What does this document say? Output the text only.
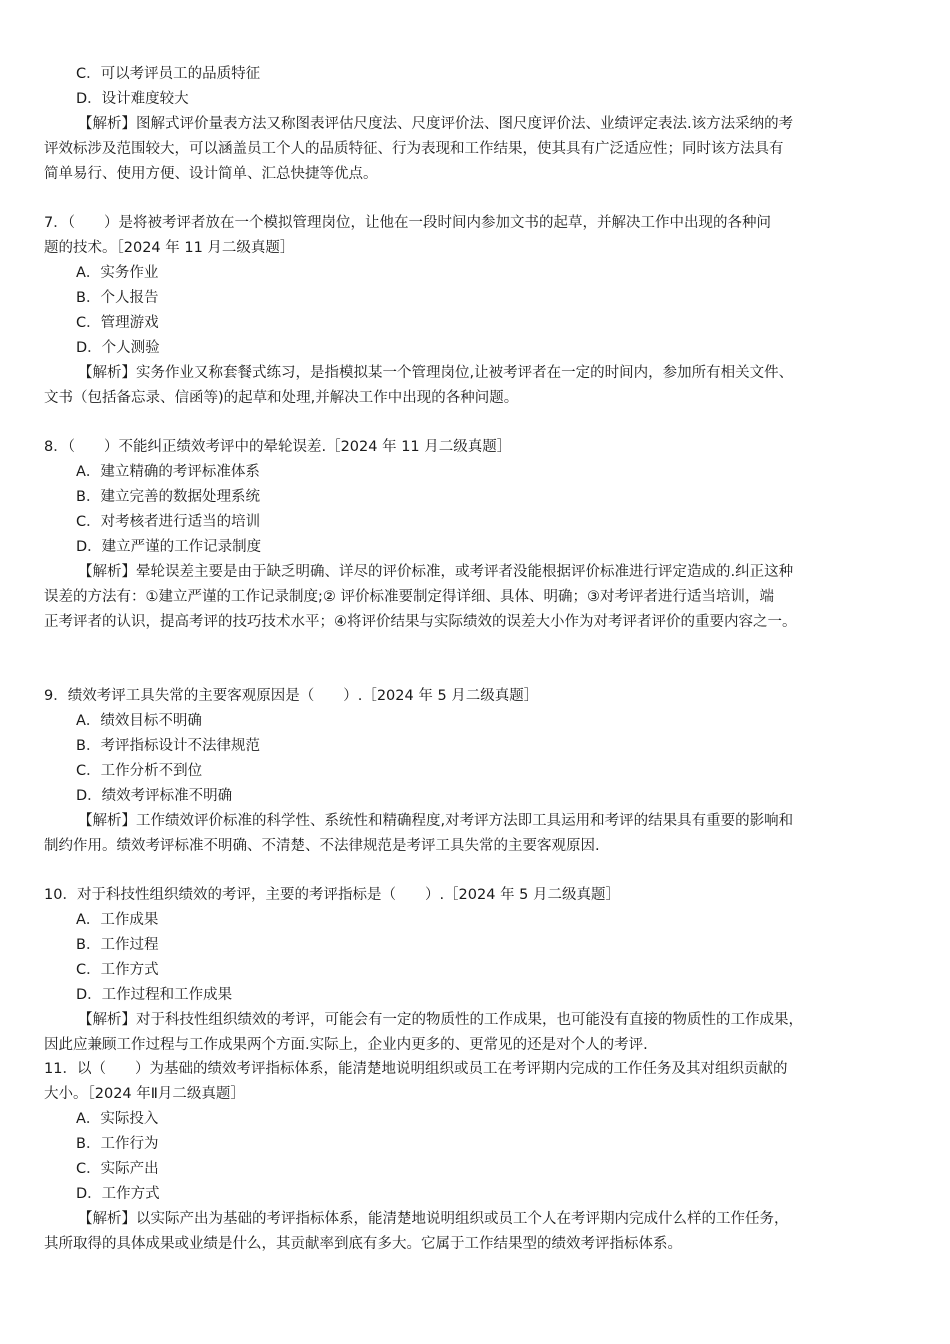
C．可以考评员工的品质特征
D．设计难度较大
【解析】图解式评价量表方法又称图表评估尺度法、尺度评价法、图尺度评价法、业绩评定表法.该方法采纳的考
评效标涉及范围较大，可以涵盖员工个人的品质特征、行为表现和工作结果，使其具有广泛适应性；同时该方法具有
简单易行、使用方便、设计简单、汇总快捷等优点。
7．（　　）是将被考评者放在一个模拟管理岗位，让他在一段时间内参加文书的起草，并解决工作中出现的各种问
题的技术。［2024 年 11 月二级真题］
A．实务作业
B．个人报告
C．管理游戏
D．个人测验
【解析】实务作业又称套餐式练习，是指模拟某一个管理岗位,让被考评者在一定的时间内，参加所有相关文件、
文书（包括备忘录、信函等)的起草和处理,并解决工作中出现的各种问题。
8．（　　）不能纠正绩效考评中的晕轮误差.［2024 年 11 月二级真题］
A．建立精确的考评标准体系
B．建立完善的数据处理系统
C．对考核者进行适当的培训
D．建立严谨的工作记录制度
【解析】晕轮误差主要是由于缺乏明确、详尽的评价标准，或考评者没能根据评价标准进行评定造成的.纠正这种
误差的方法有：①建立严谨的工作记录制度;② 评价标准要制定得详细、具体、明确；③对考评者进行适当培训，端
正考评者的认识，提高考评的技巧技术水平；④将评价结果与实际绩效的误差大小作为对考评者评价的重要内容之一。
9．绩效考评工具失常的主要客观原因是（　　）.［2024 年 5 月二级真题］
A．绩效目标不明确
B．考评指标设计不法律规范
C．工作分析不到位
D．绩效考评标准不明确
【解析】工作绩效评价标准的科学性、系统性和精确程度,对考评方法即工具运用和考评的结果具有重要的影响和
制约作用。绩效考评标准不明确、不清楚、不法律规范是考评工具失常的主要客观原因.
10．对于科技性组织绩效的考评，主要的考评指标是（　　）.［2024 年 5 月二级真题］
A．工作成果
B．工作过程
C．工作方式
D．工作过程和工作成果
【解析】对于科技性组织绩效的考评，可能会有一定的物质性的工作成果，也可能没有直接的物质性的工作成果，
因此应兼顾工作过程与工作成果两个方面.实际上，企业内更多的、更常见的还是对个人的考评.
11．以（　　）为基础的绩效考评指标体系，能清楚地说明组织或员工在考评期内完成的工作任务及其对组织贡献的
大小。［2024 年Ⅱ月二级真题］
A．实际投入
B．工作行为
C．实际产出
D．工作方式
【解析】以实际产出为基础的考评指标体系，能清楚地说明组织或员工个人在考评期内完成什么样的工作任务，
其所取得的具体成果或业绩是什么，其贡献率到底有多大。它属于工作结果型的绩效考评指标体系。
